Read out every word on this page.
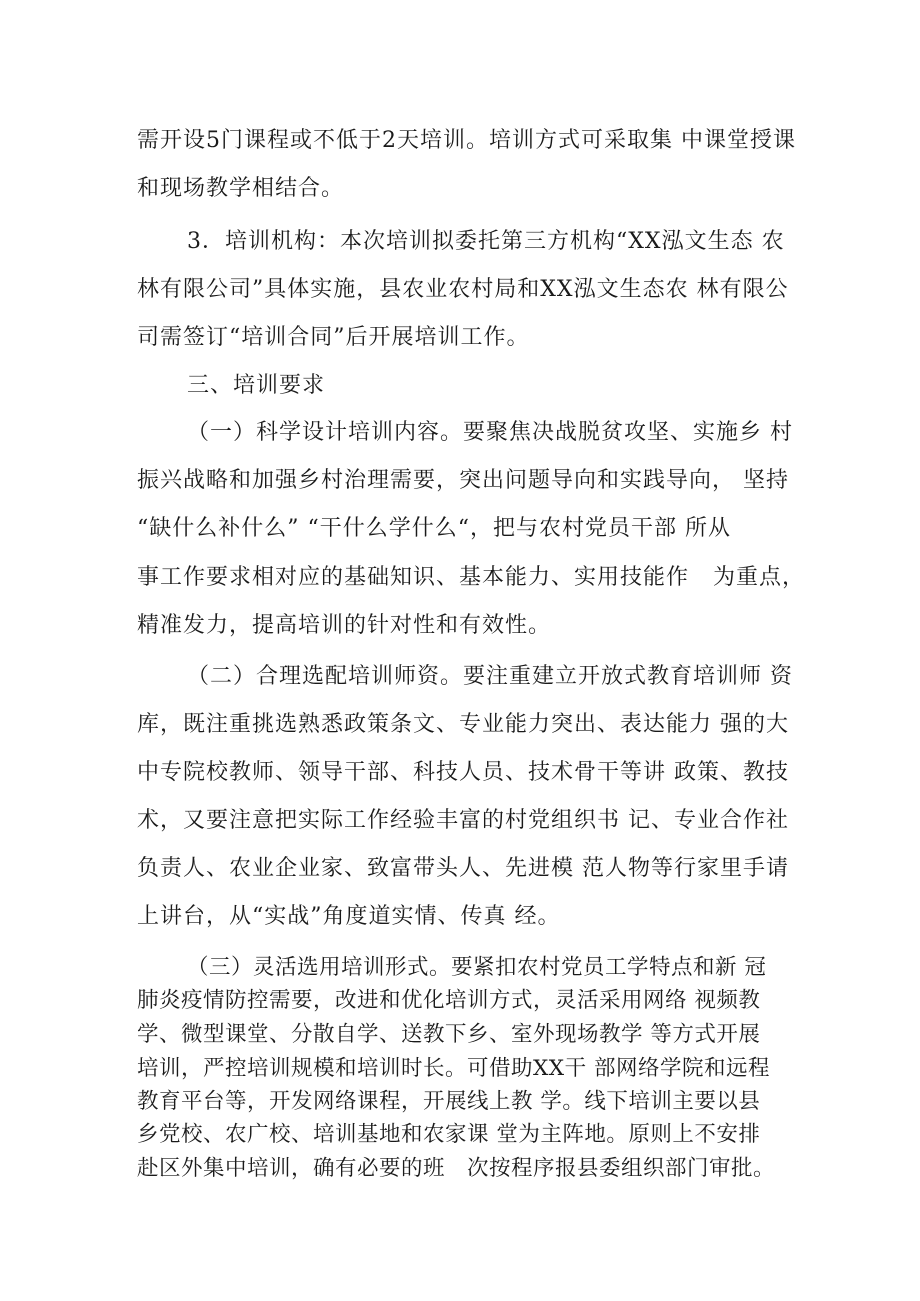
需开设5门课程或不低于2天培训。培训方式可采取集 中课堂授课
和现场教学相结合。
3．培训机构：本次培训拟委托第三方机构“XX泓文生态 农
林有限公司”具体实施，县农业农村局和XX泓文生态农 林有限公
司需签订“培训合同”后开展培训工作。
三、培训要求
（一）科学设计培训内容。要聚焦决战脱贫攻坚、实施乡 村
振兴战略和加强乡村治理需要，突出问题导向和实践导向， 坚持
“缺什么补什么” “干什么学什么“，把与农村党员干部 所从
事工作要求相对应的基础知识、基本能力、实用技能作   为重点，
精准发力，提高培训的针对性和有效性。
（二）合理选配培训师资。要注重建立开放式教育培训师 资
库，既注重挑选熟悉政策条文、专业能力突出、表达能力 强的大
中专院校教师、领导干部、科技人员、技术骨干等讲 政策、教技
术，又要注意把实际工作经验丰富的村党组织书 记、专业合作社
负责人、农业企业家、致富带头人、先进模 范人物等行家里手请
上讲台，从“实战”角度道实情、传真 经。
（三）灵活选用培训形式。要紧扣农村党员工学特点和新 冠
肺炎疫情防控需要，改进和优化培训方式，灵活采用网络 视频教
学、微型课堂、分散自学、送教下乡、室外现场教学 等方式开展
培训，严控培训规模和培训时长。可借助XX干 部网络学院和远程
教育平台等，开发网络课程，开展线上教 学。线下培训主要以县
乡党校、农广校、培训基地和农家课 堂为主阵地。原则上不安排
赴区外集中培训，确有必要的班   次按程序报县委组织部门审批。
